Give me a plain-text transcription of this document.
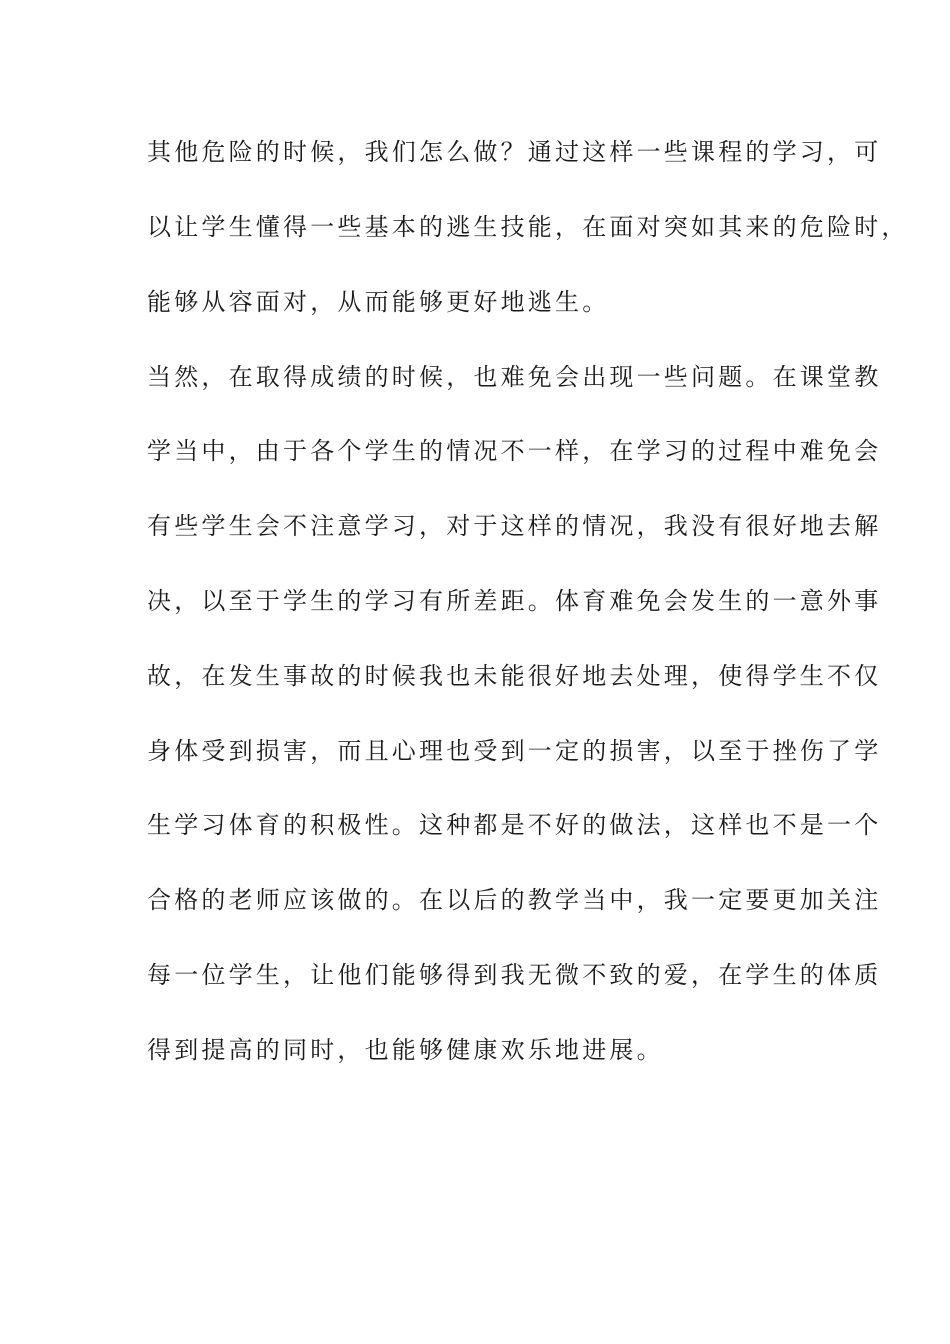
其他危险的时候，我们怎么做？通过这样一些课程的学习，可

以让学生懂得一些基本的逃生技能，在面对突如其来的危险时，

能够从容面对，从而能够更好地逃生。

当然，在取得成绩的时候，也难免会出现一些问题。在课堂教

学当中，由于各个学生的情况不一样，在学习的过程中难免会

有些学生会不注意学习，对于这样的情况，我没有很好地去解

决，以至于学生的学习有所差距。体育难免会发生的一意外事

故，在发生事故的时候我也未能很好地去处理，使得学生不仅

身体受到损害，而且心理也受到一定的损害，以至于挫伤了学

生学习体育的积极性。这种都是不好的做法，这样也不是一个

合格的老师应该做的。在以后的教学当中，我一定要更加关注

每一位学生，让他们能够得到我无微不致的爱，在学生的体质

得到提高的同时，也能够健康欢乐地进展。
